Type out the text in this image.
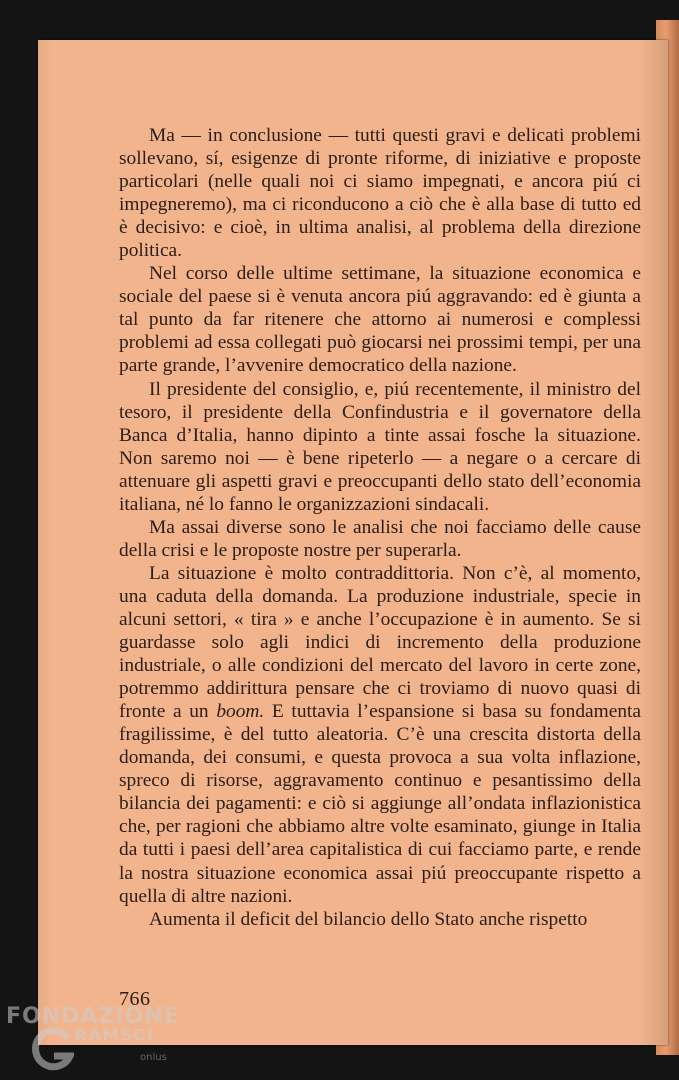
Ma — in conclusione — tutti questi gravi e delicati problemi sollevano, sí, esigenze di pronte riforme, di iniziative e proposte particolari (nelle quali noi ci siamo impegnati, e ancora piú ci impegneremo), ma ci riconducono a ciò che è alla base di tutto ed è decisivo: e cioè, in ultima analisi, al problema della direzione politica.

Nel corso delle ultime settimane, la situazione economica e sociale del paese si è venuta ancora piú aggravando: ed è giunta a tal punto da far ritenere che attorno ai numerosi e complessi problemi ad essa collegati può giocarsi nei prossimi tempi, per una parte grande, l’avvenire democratico della nazione.

Il presidente del consiglio, e, piú recentemente, il ministro del tesoro, il presidente della Confindustria e il governatore della Banca d’Italia, hanno dipinto a tinte assai fosche la situazione. Non saremo noi — è bene ripeterlo — a negare o a cercare di attenuare gli aspetti gravi e preoccupanti dello stato dell’economia italiana, né lo fanno le organizzazioni sindacali.

Ma assai diverse sono le analisi che noi facciamo delle cause della crisi e le proposte nostre per superarla.

La situazione è molto contraddittoria. Non c’è, al momento, una caduta della domanda. La produzione industriale, specie in alcuni settori, « tira » e anche l’occupazione è in aumento. Se si guardasse solo agli indici di incremento della produzione industriale, o alle condizioni del mercato del lavoro in certe zone, potremmo addirittura pensare che ci troviamo di nuovo quasi di fronte a un boom. E tuttavia l’espansione si basa su fondamenta fragilissime, è del tutto aleatoria. C’è una crescita distorta della domanda, dei consumi, e questa provoca a sua volta inflazione, spreco di risorse, aggravamento continuo e pesantissimo della bilancia dei pagamenti: e ciò si aggiunge all’ondata inflazionistica che, per ragioni che abbiamo altre volte esaminato, giunge in Italia da tutti i paesi dell’area capitalistica di cui facciamo parte, e rende la nostra situazione economica assai piú preoccupante rispetto a quella di altre nazioni.

Aumenta il deficit del bilancio dello Stato anche rispetto

766
FONDAZIONE
RAMSCI
onlus
